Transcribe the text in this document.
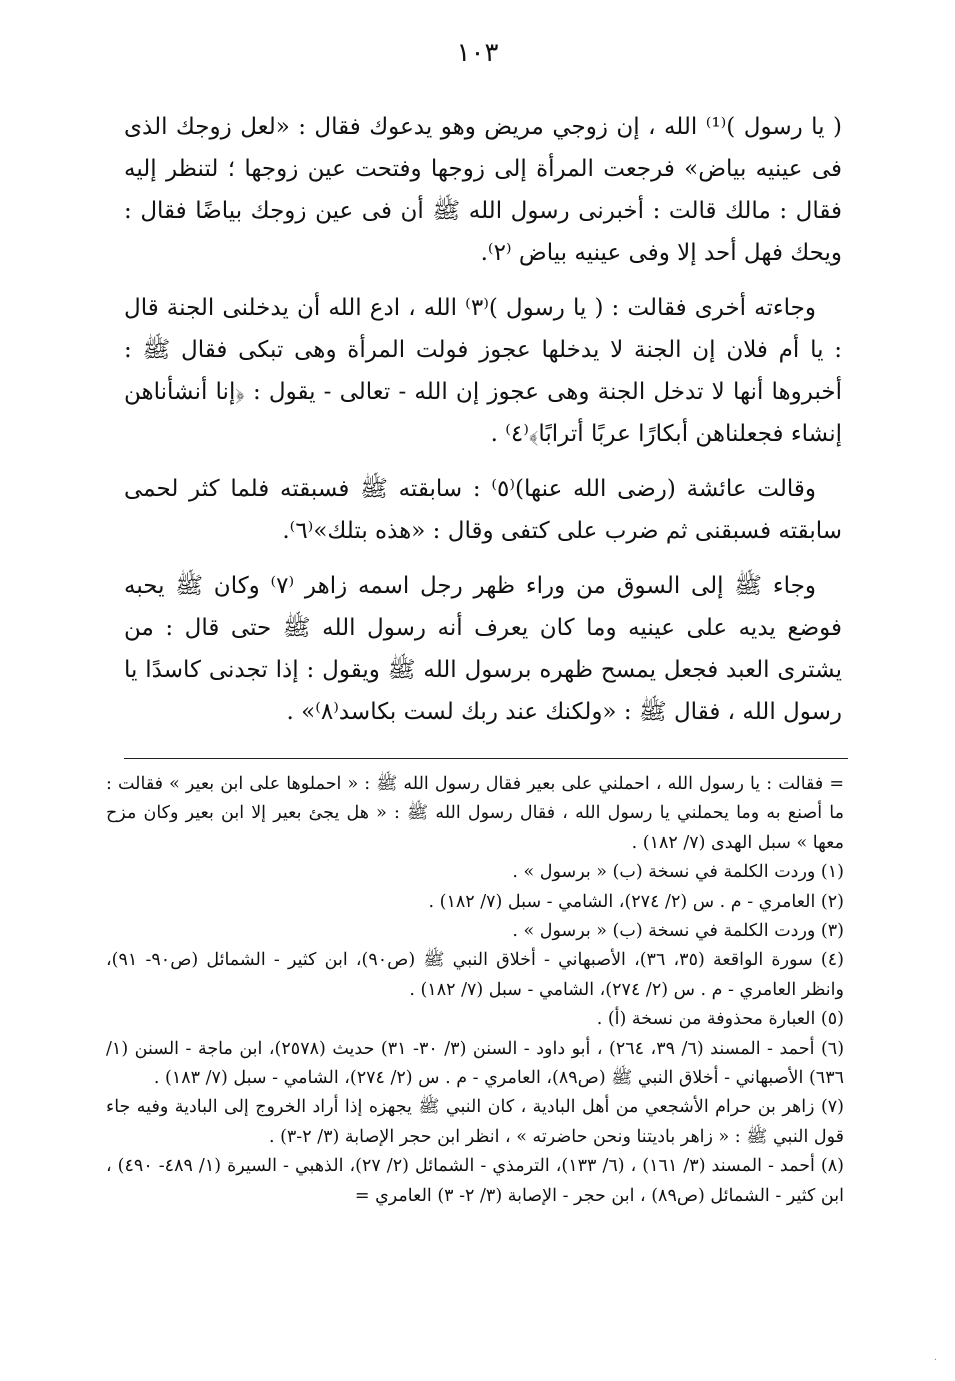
١٠٣

( يا رسول )⁽¹⁾ الله ، إن زوجي مريض وهو يدعوك فقال : «لعل زوجك الذى فى عينيه بياض» فرجعت المرأة إلى زوجها وفتحت عين زوجها ؛ لتنظر إليه فقال : مالك قالت : أخبرنى رسول الله ﷺ أن فى عين زوجك بياضًا فقال : ويحك فهل أحد إلا وفى عينيه بياض ⁽٢⁾.

وجاءته أخرى فقالت : ( يا رسول )⁽٣⁾ الله ، ادع الله أن يدخلنى الجنة قال : يا أم فلان إن الجنة لا يدخلها عجوز فولت المرأة وهى تبكى فقال ﷺ : أخبروها أنها لا تدخل الجنة وهى عجوز إن الله - تعالى - يقول : ﴿إنا أنشأناهن إنشاء فجعلناهن أبكارًا عربًا أترابًا﴾⁽٤⁾ .

وقالت عائشة (رضى الله عنها)⁽٥⁾ : سابقته ﷺ فسبقته فلما كثر لحمى سابقته فسبقنى ثم ضرب على كتفى وقال : «هذه بتلك»⁽٦⁾.

وجاء ﷺ إلى السوق من وراء ظهر رجل اسمه زاهر ⁽٧⁾ وكان ﷺ يحبه فوضع يديه على عينيه وما كان يعرف أنه رسول الله ﷺ حتى قال : من يشترى العبد فجعل يمسح ظهره برسول الله ﷺ ويقول : إذا تجدنى كاسدًا يا رسول الله ، فقال ﷺ : «ولكنك عند ربك لست بكاسد⁽٨⁾» .

= فقالت : يا رسول الله ، احملني على بعير فقال رسول الله ﷺ : « احملوها على ابن بعير » فقالت : ما أصنع به وما يحملني يا رسول الله ، فقال رسول الله ﷺ : « هل يجئ بعير إلا ابن بعير وكان مزح معها » سبل الهدى (٧/ ١٨٢) .

(١) وردت الكلمة في نسخة (ب) « برسول » .

(٢) العامري - م . س (٢/ ٢٧٤)، الشامي - سبل (٧/ ١٨٢) .

(٣) وردت الكلمة في نسخة (ب) « برسول » .

(٤) سورة الواقعة (٣٥، ٣٦)، الأصبهاني - أخلاق النبي ﷺ (ص٩٠)، ابن كثير - الشمائل (ص٩٠- ٩١)، وانظر العامري - م . س (٢/ ٢٧٤)، الشامي - سبل (٧/ ١٨٢) .

(٥) العبارة محذوفة من نسخة (أ) .

(٦) أحمد - المسند (٦/ ٣٩، ٢٦٤) ، أبو داود - السنن (٣/ ٣٠- ٣١) حديث (٢٥٧٨)، ابن ماجة - السنن (١/ ٦٣٦) الأصبهاني - أخلاق النبي ﷺ (ص٨٩)، العامري - م . س (٢/ ٢٧٤)، الشامي - سبل (٧/ ١٨٣) .

(٧) زاهر بن حرام الأشجعي من أهل البادية ، كان النبي ﷺ يجهزه إذا أراد الخروج إلى البادية وفيه جاء قول النبي ﷺ : « زاهر باديتنا ونحن حاضرته » ، انظر ابن حجر الإصابة (٣/ ٢-٣) .

(٨) أحمد - المسند (٣/ ١٦١) ، (٦/ ١٣٣)، الترمذي - الشمائل (٢/ ٢٧)، الذهبي - السيرة (١/ ٤٨٩- ٤٩٠) ، ابن كثير - الشمائل (ص٨٩) ، ابن حجر - الإصابة (٣/ ٢- ٣) العامري =

·
